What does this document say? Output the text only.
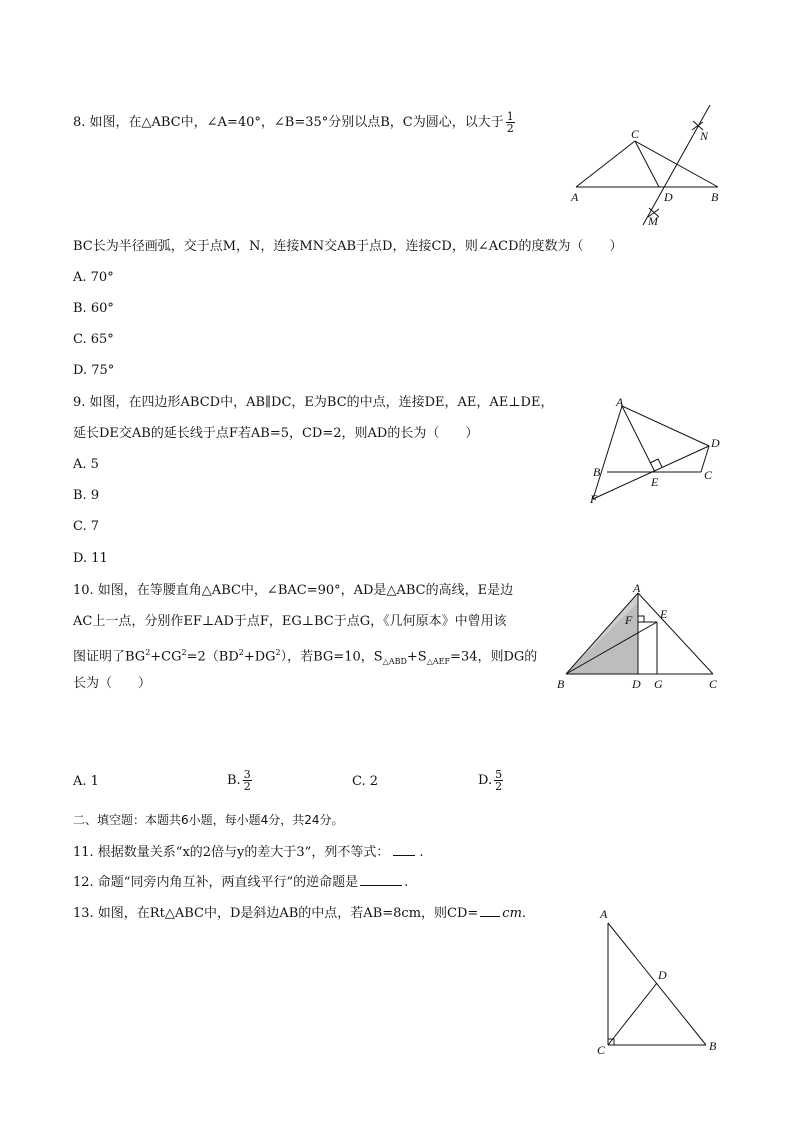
8. 如图，在△ABC中，∠A=40°，∠B=35°分别以点B，C为圆心，以大于 $\frac{1}{2}$	C
A	D	B
N
M
BC长为半径画弧，交于点M，N，连接MN交AB于点D，连接CD，则∠ACD的度数为（　　）
A. 70°
B. 60°
C. 65°
D. 75°
9. 如图，在四边形ABCD中，AB∥DC，E为BC的中点，连接DE，AE，AE⊥DE，
延长DE交AB的延长线于点F若AB=5，CD=2，则AD的长为（　　）
A
D
B	C
E
F
A. 5
B. 9
C. 7
D. 11
10. 如图，在等腰直角△ABC中，∠BAC=90°，AD是△ABC的高线，E是边
AC上一点，分别作EF⊥AD于点F，EG⊥BC于点G，《几何原本》中曾用该
图证明了$BG^2+CG^2=2(BD^2+DG^2)$，若BG=10，$S_{\triangle ABD}+S_{\triangle AEF}=34$，则DG的
长为（　　）
A
E
F
B	D G	C
A. 1	B. $\frac{3}{2}$	C. 2	D. $\frac{5}{2}$
二、填空题：本题共6小题，每小题4分，共24分。
11. 根据数量关系“x的2倍与y的差大于3”，列不等式： .
12. 命题“同旁内角互补，两直线平行”的逆命题是	.
13. 如图，在Rt△ABC中，D是斜边AB的中点，若AB=8cm，则CD= cm.	A
D
C	B
